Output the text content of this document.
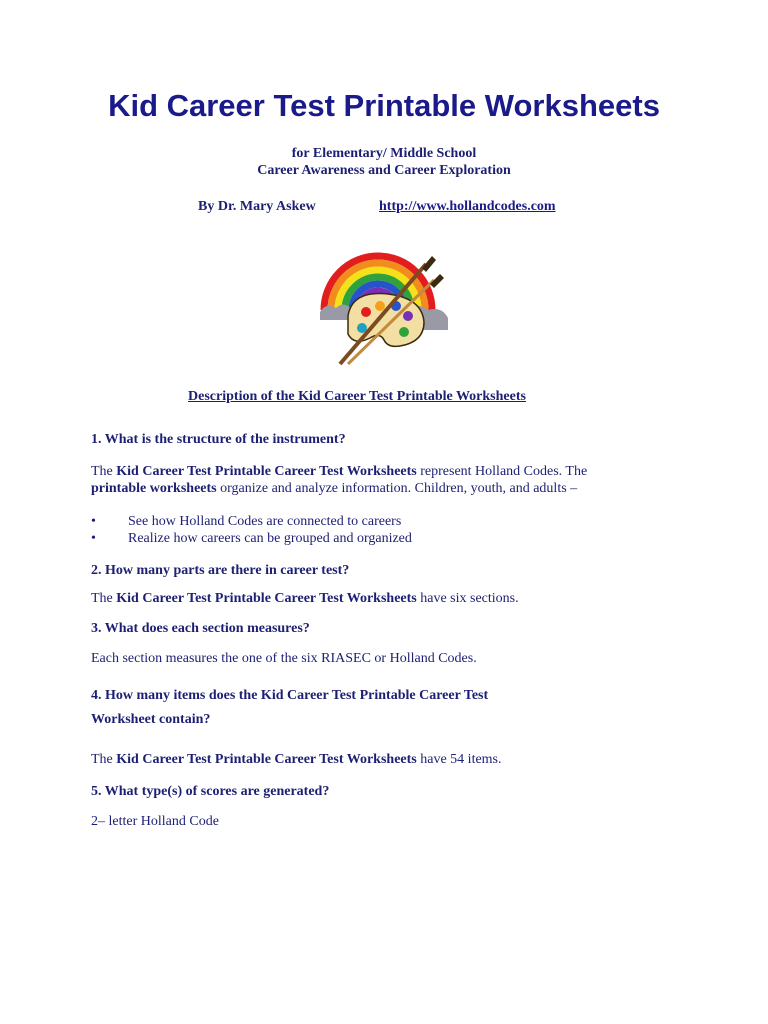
Kid Career Test Printable Worksheets
for Elementary/ Middle School
Career Awareness and Career Exploration
By Dr. Mary Askew	http://www.hollandcodes.com
Description of the Kid Career Test Printable Worksheets
1. What is the structure of the instrument?
The Kid Career Test Printable Career Test Worksheets represent Holland Codes. The
printable worksheets organize and analyze information. Children, youth, and adults –
•	See how Holland Codes are connected to careers
•	Realize how careers can be grouped and organized
2. How many parts are there in career test?
The Kid Career Test Printable Career Test Worksheets have six sections.
3. What does each section measures?
Each section measures the one of the six RIASEC or Holland Codes.
4. How many items does the Kid Career Test Printable Career Test
Worksheet contain?
The Kid Career Test Printable Career Test Worksheets have 54 items.
5. What type(s) of scores are generated?
2– letter Holland Code
